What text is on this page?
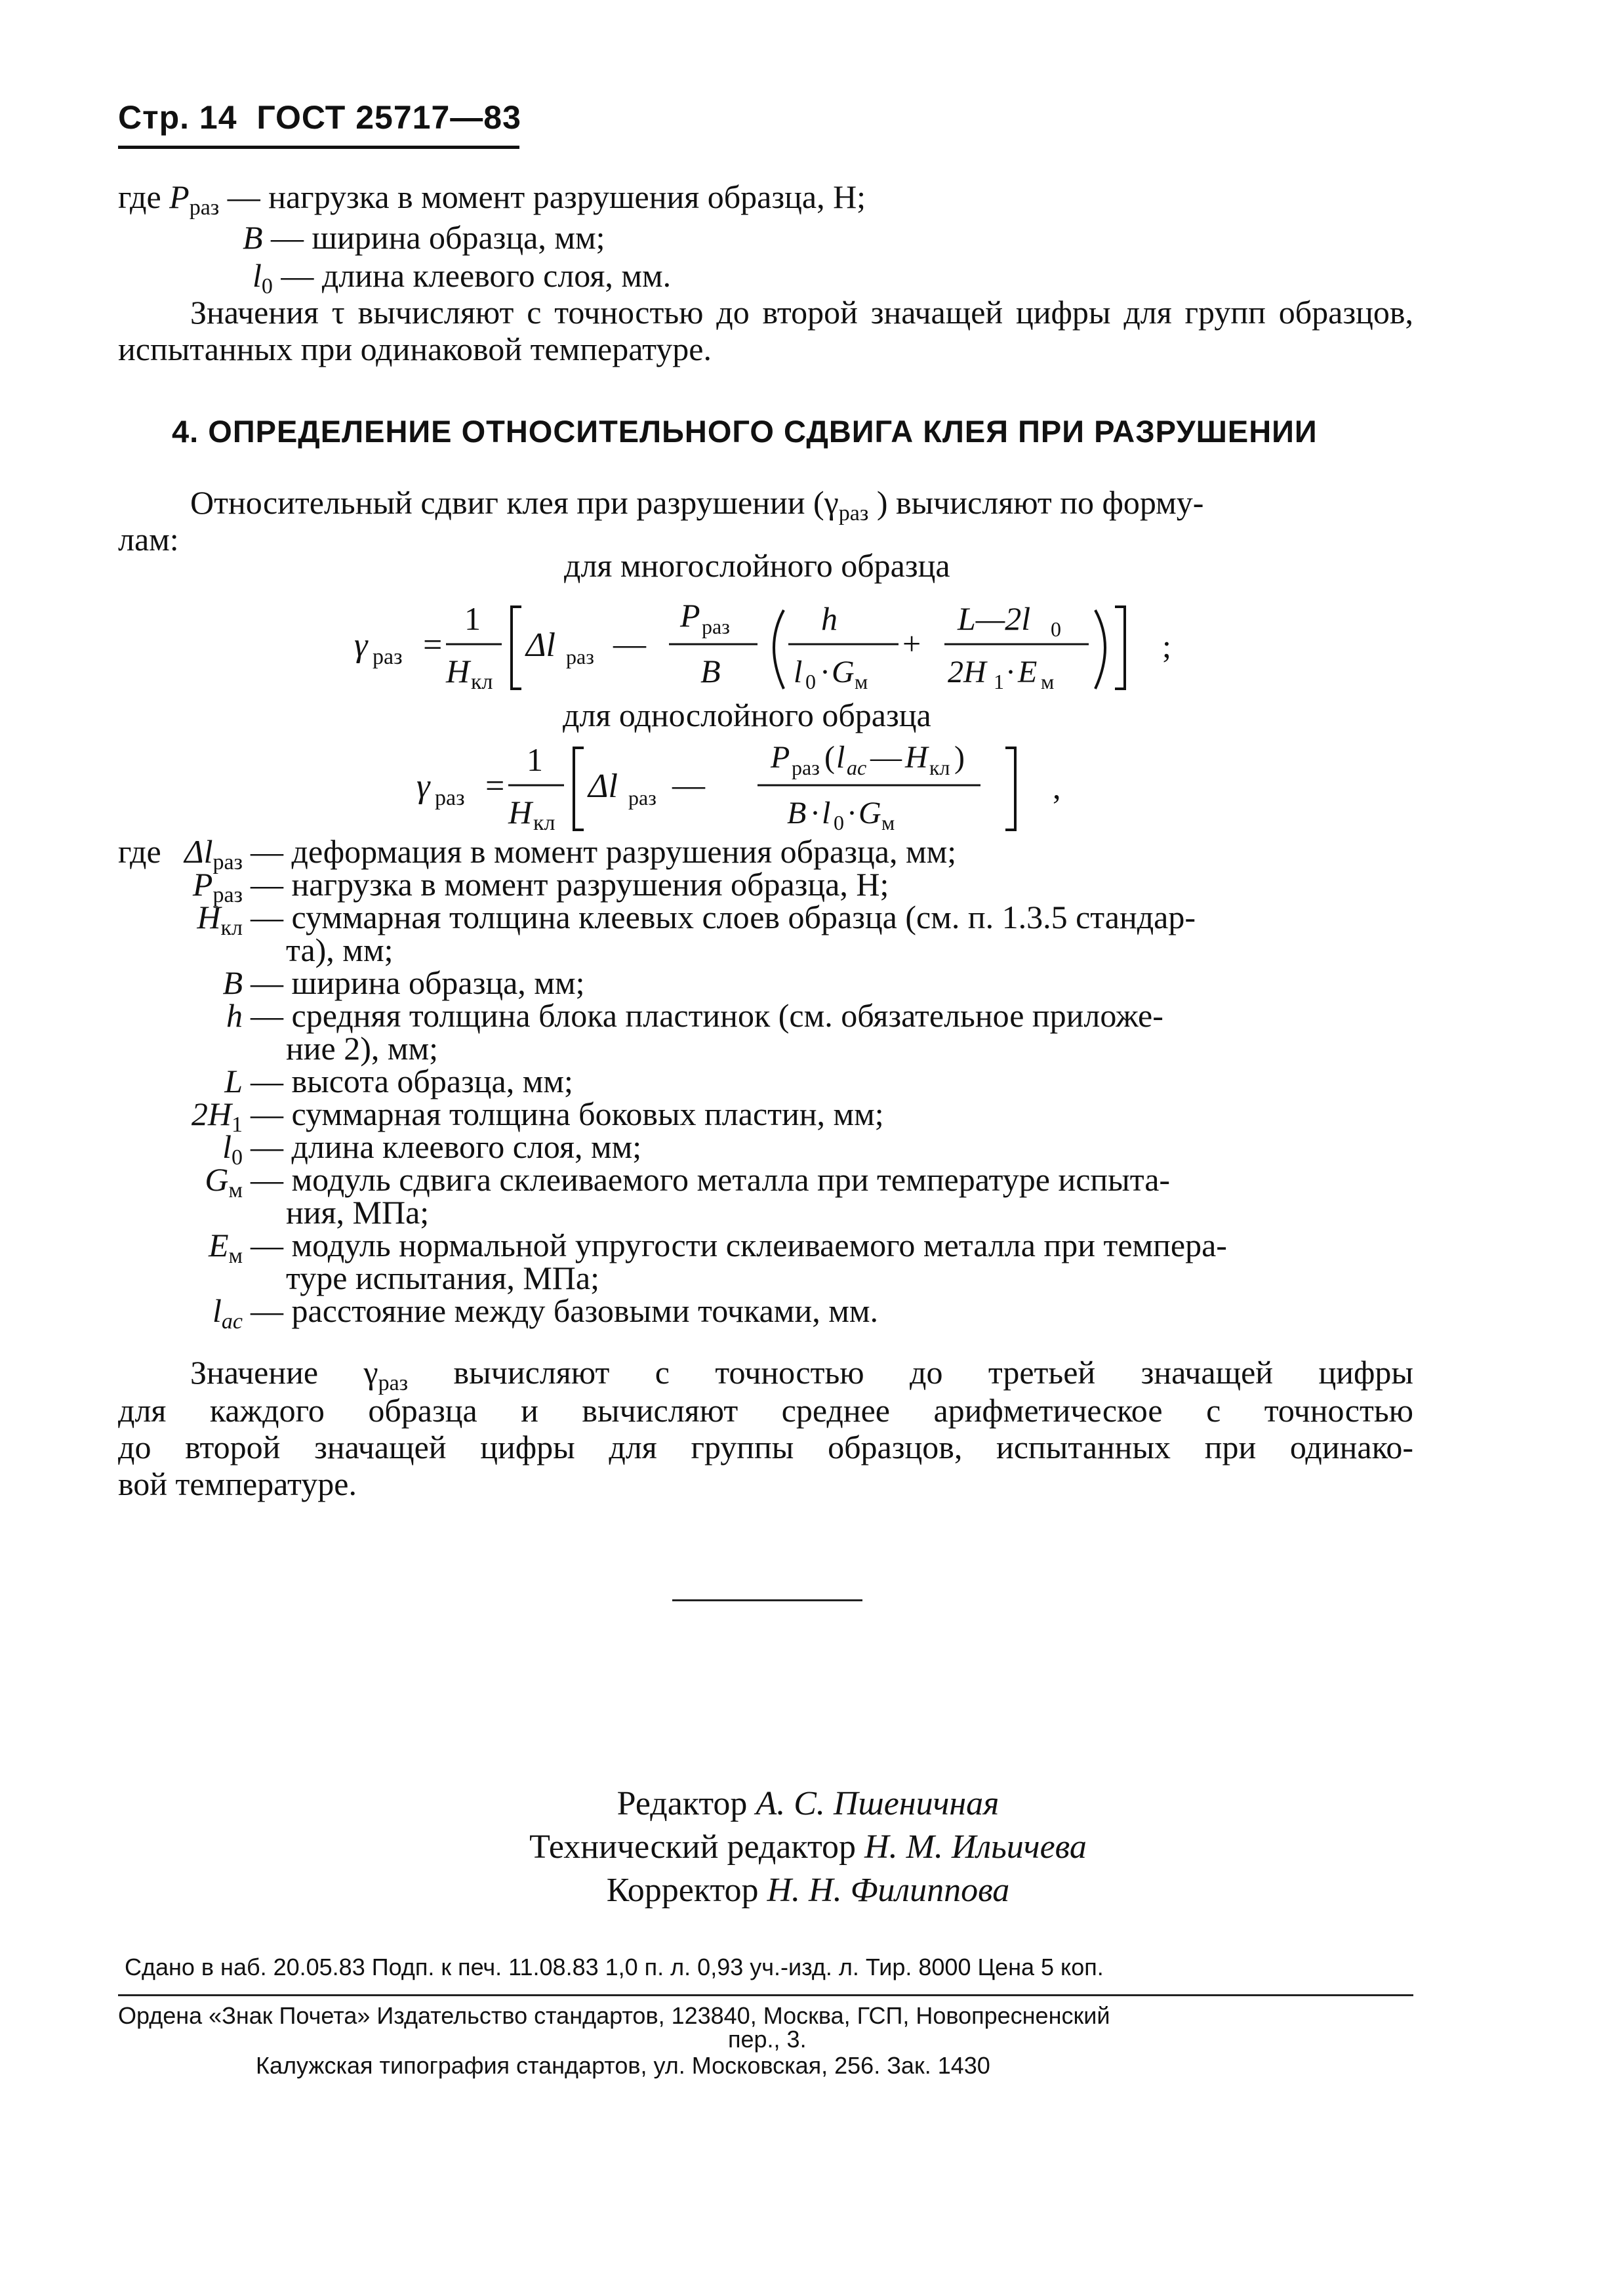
Стр. 14 ГОСТ 25717—83
где $P_{раз}$ — нагрузка в момент разрушения образца, Н;
B — ширина образца, мм;
$l_0$ — длина клеевого слоя, мм.
Значения τ вычисляют с точностью до второй значащей цифры для групп образцов, испытанных при одинаковой температуре.
4. ОПРЕДЕЛЕНИЕ ОТНОСИТЕЛЬНОГО СДВИГА КЛЕЯ ПРИ РАЗРУШЕНИИ
Относительный сдвиг клея при разрушении ($\gamma_{раз}$ ) вычисляют по форму-
лам:
для многослойного образца
γ раз =
1
H кл
Δl раз —
P раз
B
h
l 0 · G м
+
L—2l 0
2H 1 · E м
;
для однослойного образца
γ раз =
1
H кл
Δl раз —
P раз ( l ac — H кл )
B · l 0 · G м
,
где $\Delta l_{раз}$ — деформация в момент разрушения образца, мм;
$P_{раз}$ — нагрузка в момент разрушения образца, Н;
$H_{кл}$ — суммарная толщина клеевых слоев образца (см. п. 1.3.5 стандар-
та), мм;
B — ширина образца, мм;
h — средняя толщина блока пластинок (см. обязательное приложе-
ние 2), мм;
L — высота образца, мм;
$2H_1$ — суммарная толщина боковых пластин, мм;
$l_0$ — длина клеевого слоя, мм;
$G_м$ — модуль сдвига склеиваемого металла при температуре испыта-
ния, МПа;
$E_м$ — модуль нормальной упругости склеиваемого металла при темпера-
туре испытания, МПа;
$l_{ac}$ — расстояние между базовыми точками, мм.
Значение $\gamma_{раз}$ вычисляют с точностью до третьей значащей цифры
для каждого образца и вычисляют среднее арифметическое с точностью
до второй значащей цифры для группы образцов, испытанных при одинако-
вой температуре.
Редактор А. С. Пшеничная
Технический редактор Н. М. Ильичева
Корректор Н. Н. Филиппова
Сдано в наб. 20.05.83 Подп. к печ. 11.08.83 1,0 п. л. 0,93 уч.-изд. л. Тир. 8000 Цена 5 коп.
Ордена «Знак Почета» Издательство стандартов, 123840, Москва, ГСП, Новопресненский
пер., 3.
Калужская типография стандартов, ул. Московская, 256. Зак. 1430
